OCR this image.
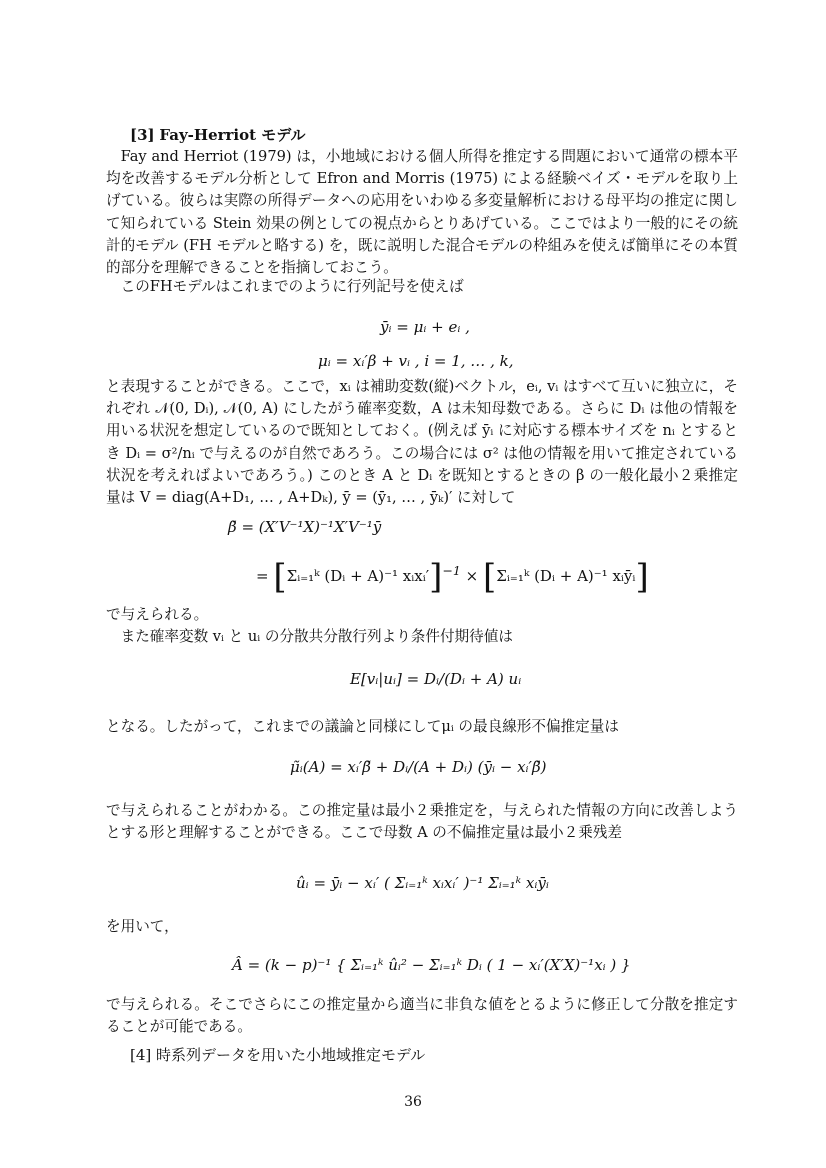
[3] Fay-Herriot モデル
Fay and Herriot (1979) は，小地域における個人所得を推定する問題において通常の標本平均を改善するモデル分析として Efron and Morris (1975) による経験ベイズ・モデルを取り上げている。彼らは実際の所得データへの応用をいわゆる多変量解析における母平均の推定に関して知られている Stein 効果の例としての視点からとりあげている。ここではより一般的にその統計的モデル (FH モデルと略する) を，既に説明した混合モデルの枠組みを使えば簡単にその本質的部分を理解できることを指摘しておこう。
このFHモデルはこれまでのように行列記号を使えば
ȳᵢ = μᵢ + eᵢ ,
μᵢ = xᵢ′β + vᵢ , i = 1, … , k,
と表現することができる。ここで，xᵢ は補助変数(縦)ベクトル，eᵢ, vᵢ はすべて互いに独立に，それぞれ 𝒩(0, Dᵢ), 𝒩(0, A) にしたがう確率変数，A は未知母数である。さらに Dᵢ は他の情報を用いる状況を想定しているので既知としておく。(例えば ȳᵢ に対応する標本サイズを nᵢ とするとき Dᵢ = σ²/nᵢ で与えるのが自然であろう。この場合には σ² は他の情報を用いて推定されている状況を考えればよいであろう。) このとき A と Dᵢ を既知とするときの β の一般化最小２乗推定量は V = diag(A+D₁, … , A+Dₖ), ȳ = (ȳ₁, … , ȳₖ)′ に対して
β̃ = (X′V⁻¹X)⁻¹X′V⁻¹ȳ
= [Σᵢ₌₁ᵏ (Dᵢ + A)⁻¹ xᵢxᵢ′]$^{-1}$ × [Σᵢ₌₁ᵏ (Dᵢ + A)⁻¹ xᵢȳᵢ]
で与えられる。
また確率変数 vᵢ と uᵢ の分散共分散行列より条件付期待値は
E[vᵢ|uᵢ] = Dᵢ/(Dᵢ + A) uᵢ
となる。したがって，これまでの議論と同様にしてμᵢ の最良線形不偏推定量は
μ̃ᵢ(A) = xᵢ′β̃ + Dᵢ/(A + Dᵢ) (ȳᵢ − xᵢ′β̃)
で与えられることがわかる。この推定量は最小２乗推定を，与えられた情報の方向に改善しようとする形と理解することができる。ここで母数 A の不偏推定量は最小２乗残差
ûᵢ = ȳᵢ − xᵢ′ ( Σᵢ₌₁ᵏ xᵢxᵢ′ )⁻¹ Σᵢ₌₁ᵏ xᵢȳᵢ
を用いて，
Â = (k − p)⁻¹ { Σᵢ₌₁ᵏ ûᵢ² − Σᵢ₌₁ᵏ Dᵢ ( 1 − xᵢ′(X′X)⁻¹xᵢ ) }
で与えられる。そこでさらにこの推定量から適当に非負な値をとるように修正して分散を推定することが可能である。
[4] 時系列データを用いた小地域推定モデル
36
